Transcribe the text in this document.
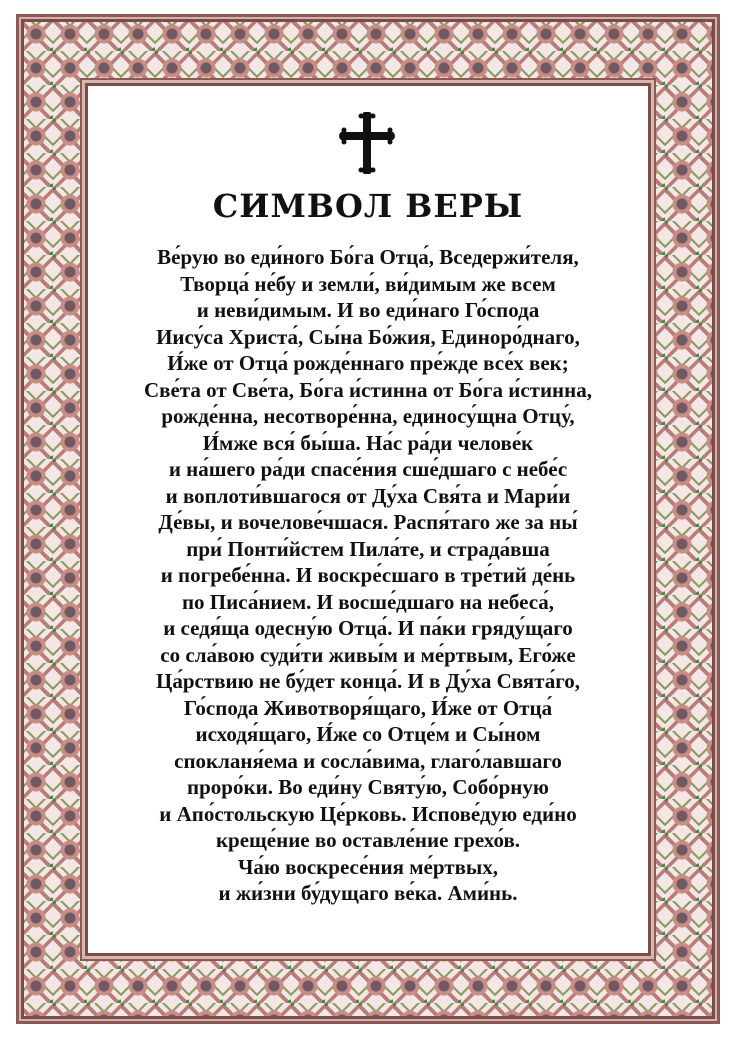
СИМВОЛ ВЕРЫ
Ве́рую во еди́ного Бо́га Отца́, Вседержи́теля,
Творца́ не́бу и земли́, ви́димым же всем
и неви́димым. И во еди́наго Го́спода
Иису́са Христа́, Сы́на Бо́жия, Единоро́днаго,
И́же от Отца́ рожде́ннаго пре́жде все́х век;
Све́та от Све́та, Бо́га и́стинна от Бо́га и́стинна,
рожде́нна, несотворе́нна, единосу́щна Отцу́,
И́мже вся́ бы́ша. На́с ра́ди челове́к
и на́шего ра́ди спасе́ния сше́дшаго с небе́с
и воплоти́вшагося от Ду́ха Свя́та и Мари́и
Де́вы, и вочелове́чшася. Распя́таго же за ны́
при́ Понти́йстем Пила́те, и страда́вша
и погребе́нна. И воскре́сшаго в тре́тий де́нь
по Писа́нием. И восше́дшаго на небеса́,
и седя́ща одесну́ю Отца́. И па́ки гряду́щаго
со сла́вою суди́ти живы́м и ме́ртвым, Его́же
Ца́рствию не бу́дет конца́. И в Ду́ха Свята́го,
Го́спода Животворя́щаго, И́же от Отца́
исходя́щаго, И́же со Отце́м и Сы́ном
спокланя́ема и сосла́вима, глаго́лавшаго
проро́ки. Во еди́ну Святу́ю, Собо́рную
и Апо́стольскую Це́рковь. Испове́дую еди́но
креще́ние во оставле́ние грехо́в.
Ча́ю воскресе́ния ме́ртвых,
и жи́зни бу́дущаго ве́ка. Ами́нь.
